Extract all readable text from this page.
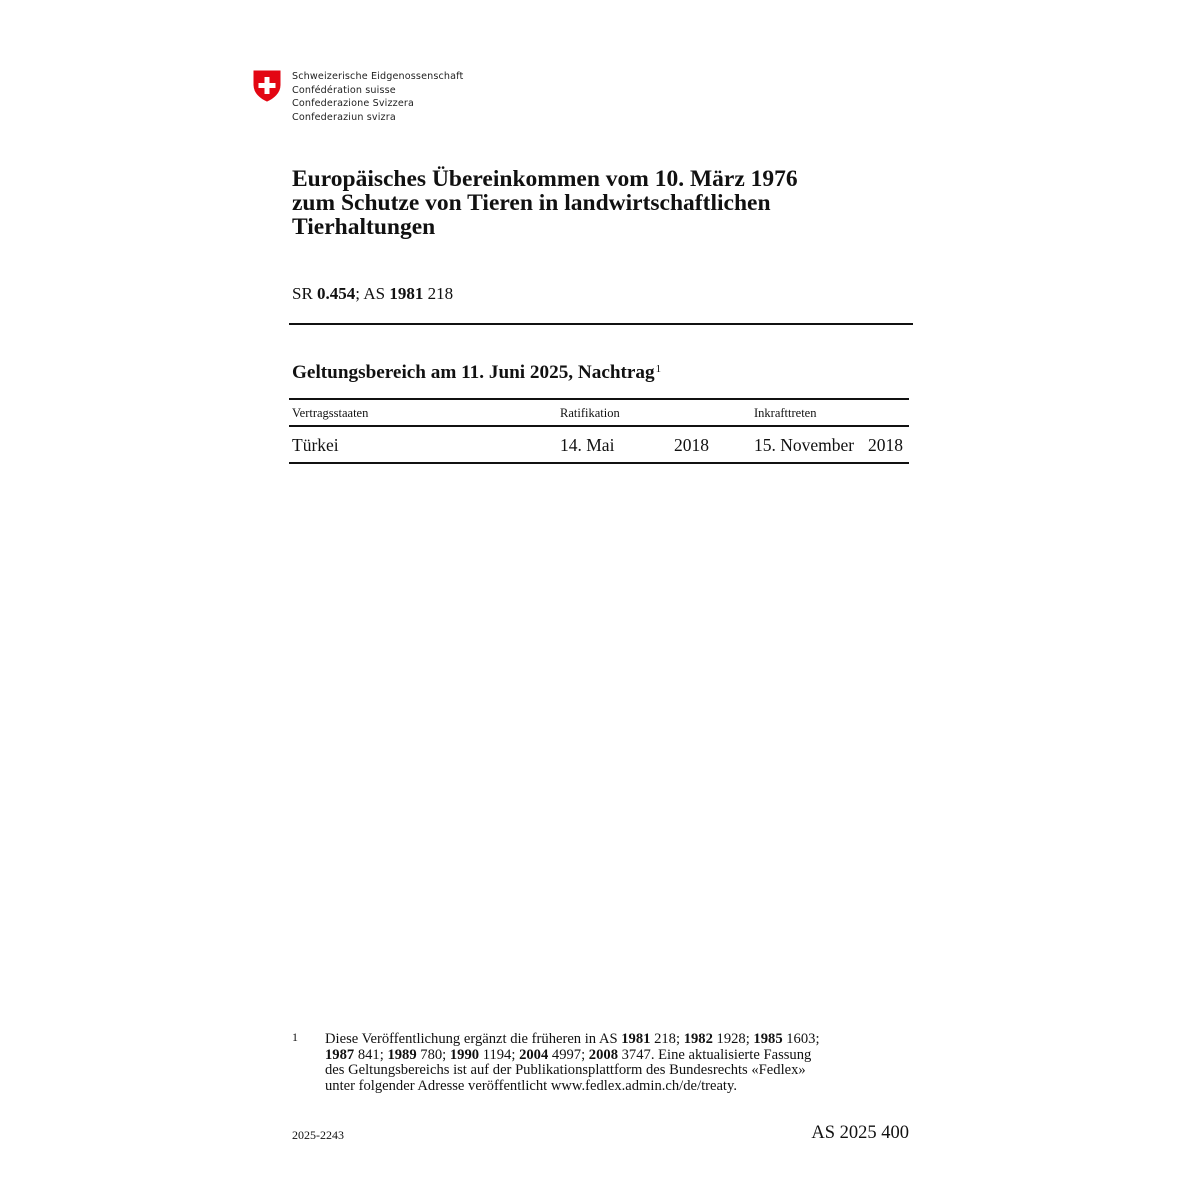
Schweizerische Eidgenossenschaft
Confédération suisse
Confederazione Svizzera
Confederaziun svizra
Europäisches Übereinkommen vom 10. März 1976
zum Schutze von Tieren in landwirtschaftlichen
Tierhaltungen
SR 0.454; AS 1981 218
Geltungsbereich am 11. Juni 2025, Nachtrag$^1$
Vertragsstaaten	Ratifikation	Inkrafttreten
Türkei	14. Mai	2018	15. November 2018
1 Diese Veröffentlichung ergänzt die früheren in AS 1981 218; 1982 1928; 1985 1603;
1987 841; 1989 780; 1990 1194; 2004 4997; 2008 3747. Eine aktualisierte Fassung
des Geltungsbereichs ist auf der Publikationsplattform des Bundesrechts «Fedlex»
unter folgender Adresse veröffentlicht www.fedlex.admin.ch/de/treaty.
2025-2243	AS 2025 400
